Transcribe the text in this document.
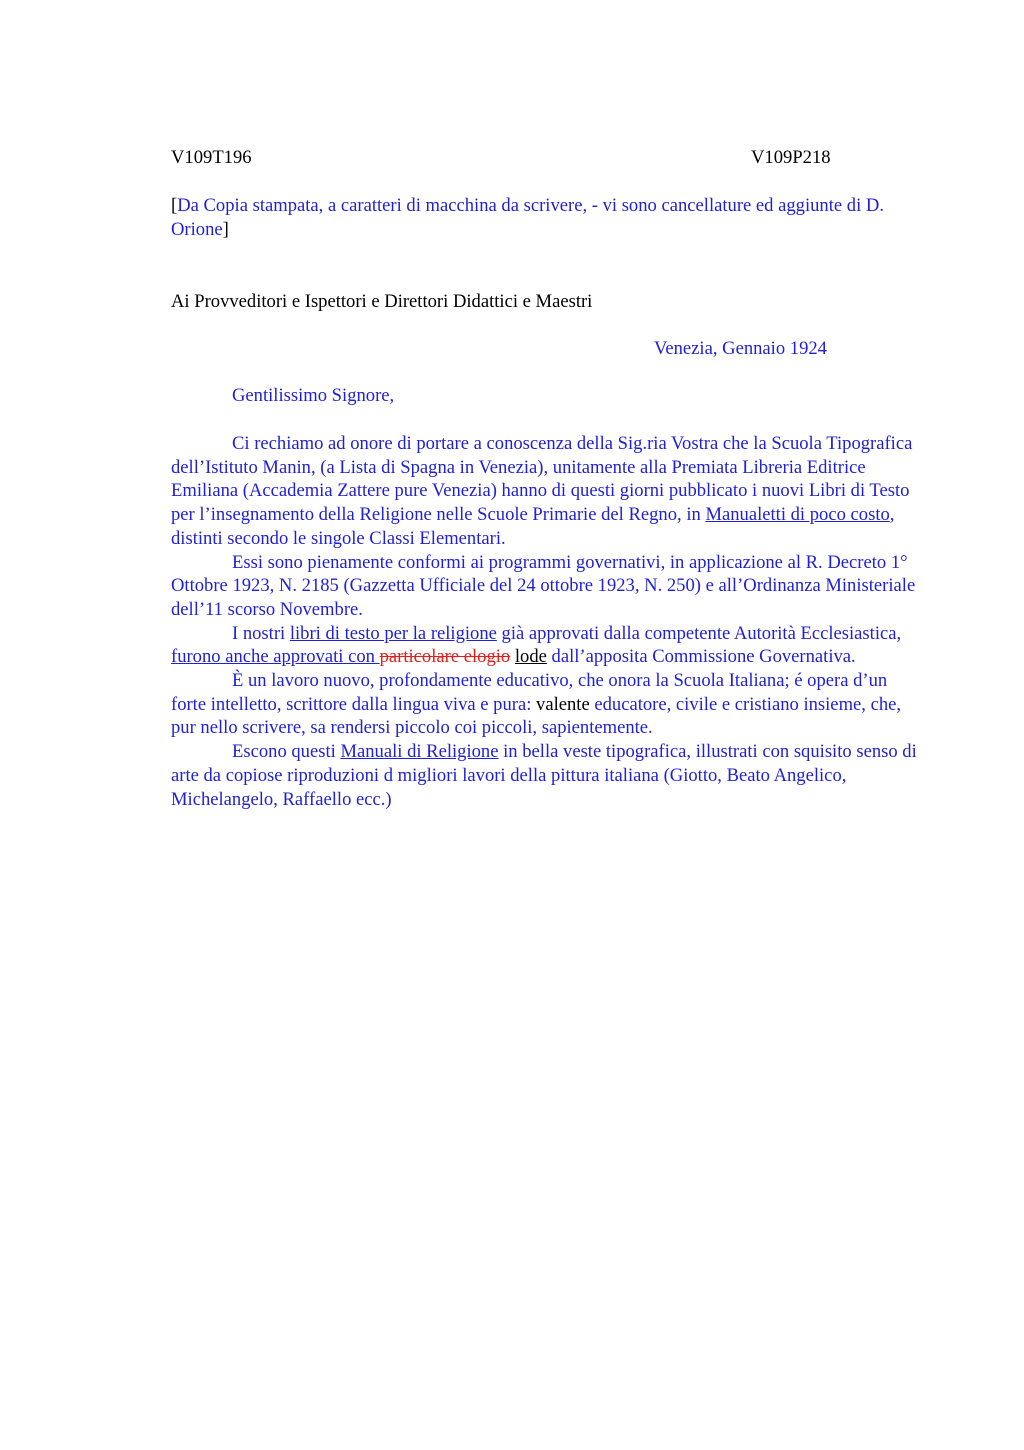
V109T196	V109P218
[Da Copia stampata, a caratteri di macchina da scrivere, - vi sono cancellature ed aggiunte di D. Orione]
Ai Provveditori e Ispettori e Direttori Didattici e Maestri
Venezia, Gennaio 1924
Gentilissimo Signore,

Ci rechiamo ad onore di portare a conoscenza della Sig.ria Vostra che la Scuola Tipografica dell’Istituto Manin, (a Lista di Spagna in Venezia), unitamente alla Premiata Libreria Editrice Emiliana (Accademia Zattere pure Venezia) hanno di questi giorni pubblicato i nuovi Libri di Testo per l’insegnamento della Religione nelle Scuole Primarie del Regno, in Manualetti di poco costo, distinti secondo le singole Classi Elementari.

Essi sono pienamente conformi ai programmi governativi, in applicazione al R. Decreto 1° Ottobre 1923, N. 2185 (Gazzetta Ufficiale del 24 ottobre 1923, N. 250) e all’Ordinanza Ministeriale dell’11 scorso Novembre.

I nostri libri di testo per la religione già approvati dalla competente Autorità Ecclesiastica, furono anche approvati con particolare elogio lode dall’apposita Commissione Governativa.

È un lavoro nuovo, profondamente educativo, che onora la Scuola Italiana; é opera d’un forte intelletto, scrittore dalla lingua viva e pura: valente educatore, civile e cristiano insieme, che, pur nello scrivere, sa rendersi piccolo coi piccoli, sapientemente.

Escono questi Manuali di Religione in bella veste tipografica, illustrati con squisito senso di arte da copiose riproduzioni d migliori lavori della pittura italiana (Giotto, Beato Angelico, Michelangelo, Raffaello ecc.)
